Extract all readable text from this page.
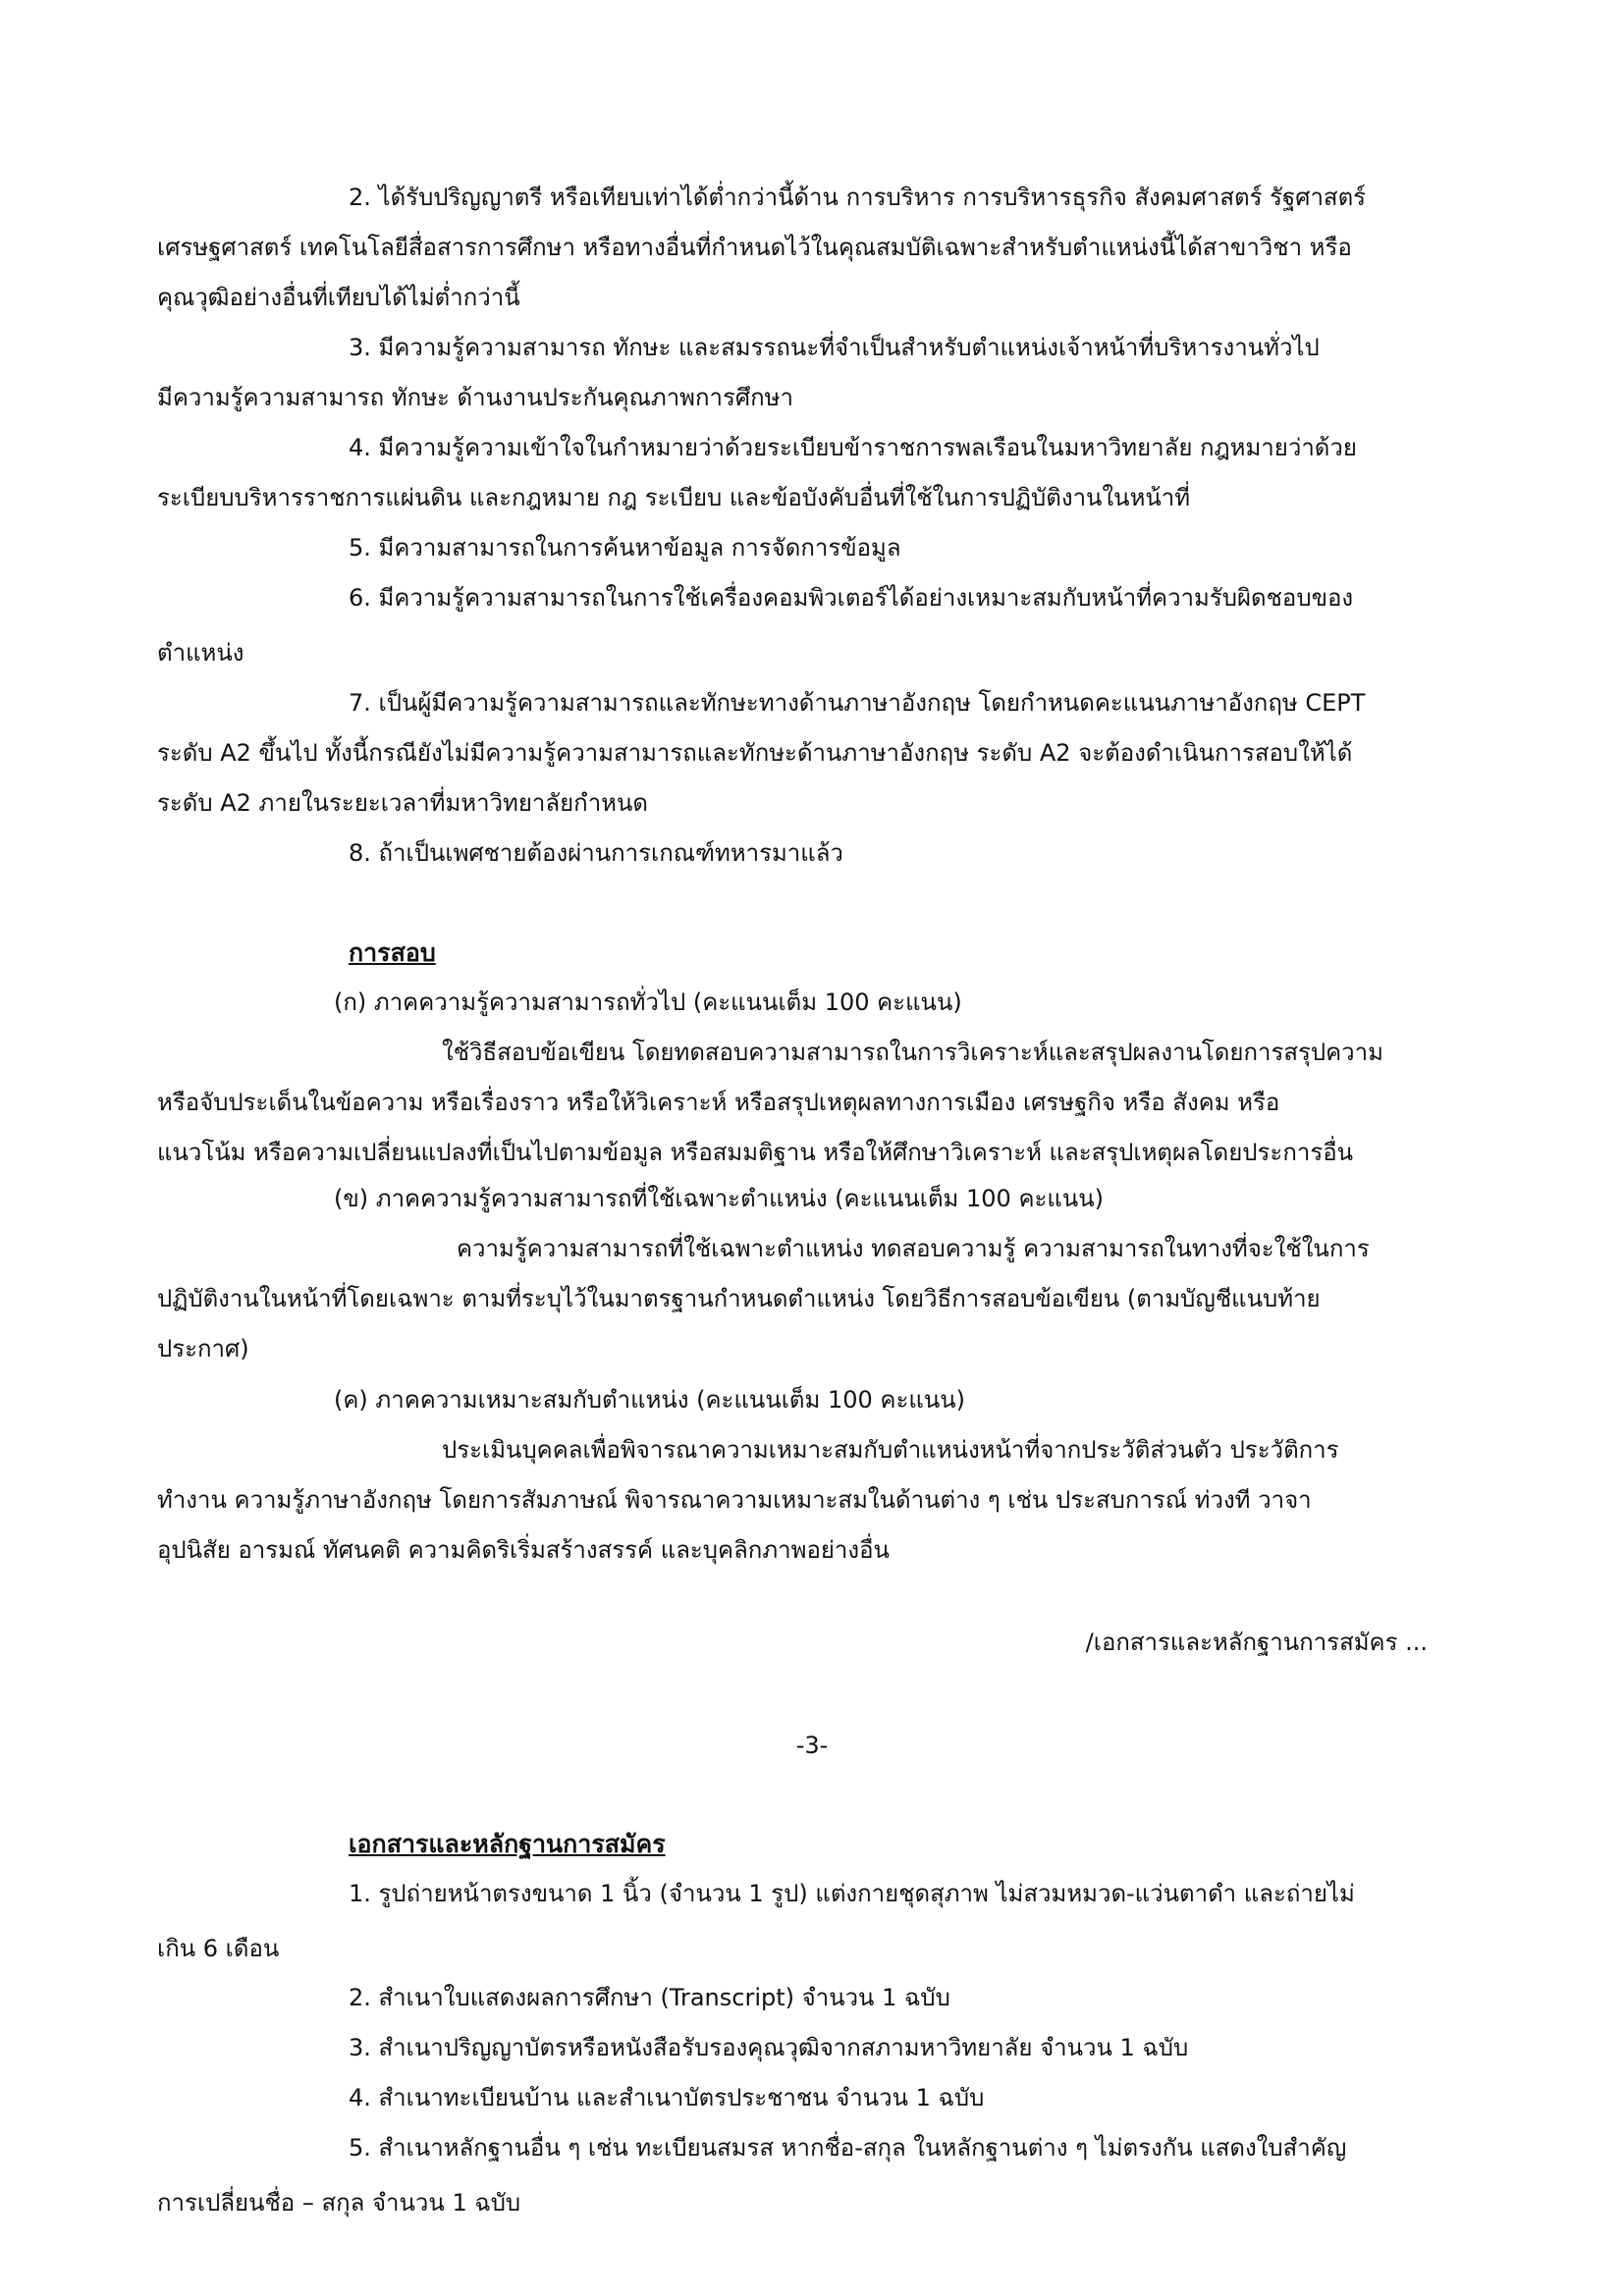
2. ได้รับปริญญาตรี หรือเทียบเท่าได้ต่ำกว่านี้ด้าน การบริหาร การบริหารธุรกิจ สังคมศาสตร์ รัฐศาสตร์
เศรษฐศาสตร์ เทคโนโลยีสื่อสารการศึกษา หรือทางอื่นที่กำหนดไว้ในคุณสมบัติเฉพาะสำหรับตำแหน่งนี้ได้สาขาวิชา หรือ
คุณวุฒิอย่างอื่นที่เทียบได้ไม่ต่ำกว่านี้
3. มีความรู้ความสามารถ ทักษะ และสมรรถนะที่จำเป็นสำหรับตำแหน่งเจ้าหน้าที่บริหารงานทั่วไป
มีความรู้ความสามารถ ทักษะ ด้านงานประกันคุณภาพการศึกษา
4. มีความรู้ความเข้าใจในกำหมายว่าด้วยระเบียบข้าราชการพลเรือนในมหาวิทยาลัย กฎหมายว่าด้วย
ระเบียบบริหารราชการแผ่นดิน และกฎหมาย กฎ ระเบียบ และข้อบังคับอื่นที่ใช้ในการปฏิบัติงานในหน้าที่
5. มีความสามารถในการค้นหาข้อมูล การจัดการข้อมูล
6. มีความรู้ความสามารถในการใช้เครื่องคอมพิวเตอร์ได้อย่างเหมาะสมกับหน้าที่ความรับผิดชอบของ
ตำแหน่ง
7. เป็นผู้มีความรู้ความสามารถและทักษะทางด้านภาษาอังกฤษ โดยกำหนดคะแนนภาษาอังกฤษ CEPT
ระดับ A2 ขึ้นไป ทั้งนี้กรณียังไม่มีความรู้ความสามารถและทักษะด้านภาษาอังกฤษ ระดับ A2 จะต้องดำเนินการสอบให้ได้
ระดับ A2 ภายในระยะเวลาที่มหาวิทยาลัยกำหนด
8. ถ้าเป็นเพศชายต้องผ่านการเกณฑ์ทหารมาแล้ว
การสอบ
(ก) ภาคความรู้ความสามารถทั่วไป (คะแนนเต็ม 100 คะแนน)
ใช้วิธีสอบข้อเขียน โดยทดสอบความสามารถในการวิเคราะห์และสรุปผลงานโดยการสรุปความ
หรือจับประเด็นในข้อความ หรือเรื่องราว หรือให้วิเคราะห์ หรือสรุปเหตุผลทางการเมือง เศรษฐกิจ หรือ สังคม หรือ
แนวโน้ม หรือความเปลี่ยนแปลงที่เป็นไปตามข้อมูล หรือสมมติฐาน หรือให้ศึกษาวิเคราะห์ และสรุปเหตุผลโดยประการอื่น
(ข) ภาคความรู้ความสามารถที่ใช้เฉพาะตำแหน่ง (คะแนนเต็ม 100 คะแนน)
ความรู้ความสามารถที่ใช้เฉพาะตำแหน่ง ทดสอบความรู้ ความสามารถในทางที่จะใช้ในการ
ปฏิบัติงานในหน้าที่โดยเฉพาะ ตามที่ระบุไว้ในมาตรฐานกำหนดตำแหน่ง โดยวิธีการสอบข้อเขียน (ตามบัญชีแนบท้าย
ประกาศ)
(ค) ภาคความเหมาะสมกับตำแหน่ง (คะแนนเต็ม 100 คะแนน)
ประเมินบุคคลเพื่อพิจารณาความเหมาะสมกับตำแหน่งหน้าที่จากประวัติส่วนตัว ประวัติการ
ทำงาน ความรู้ภาษาอังกฤษ โดยการสัมภาษณ์ พิจารณาความเหมาะสมในด้านต่าง ๆ เช่น ประสบการณ์ ท่วงที วาจา
อุปนิสัย อารมณ์ ทัศนคติ ความคิดริเริ่มสร้างสรรค์ และบุคลิกภาพอย่างอื่น
/เอกสารและหลักฐานการสมัคร ...
-3-
เอกสารและหลักฐานการสมัคร
1. รูปถ่ายหน้าตรงขนาด 1 นิ้ว (จำนวน 1 รูป) แต่งกายชุดสุภาพ ไม่สวมหมวด-แว่นตาดำ และถ่ายไม่
เกิน 6 เดือน
2. สำเนาใบแสดงผลการศึกษา (Transcript) จำนวน 1 ฉบับ
3. สำเนาปริญญาบัตรหรือหนังสือรับรองคุณวุฒิจากสภามหาวิทยาลัย จำนวน 1 ฉบับ
4. สำเนาทะเบียนบ้าน และสำเนาบัตรประชาชน จำนวน 1 ฉบับ
5. สำเนาหลักฐานอื่น ๆ เช่น ทะเบียนสมรส หากชื่อ-สกุล ในหลักฐานต่าง ๆ ไม่ตรงกัน แสดงใบสำคัญ
การเปลี่ยนชื่อ – สกุล จำนวน 1 ฉบับ
